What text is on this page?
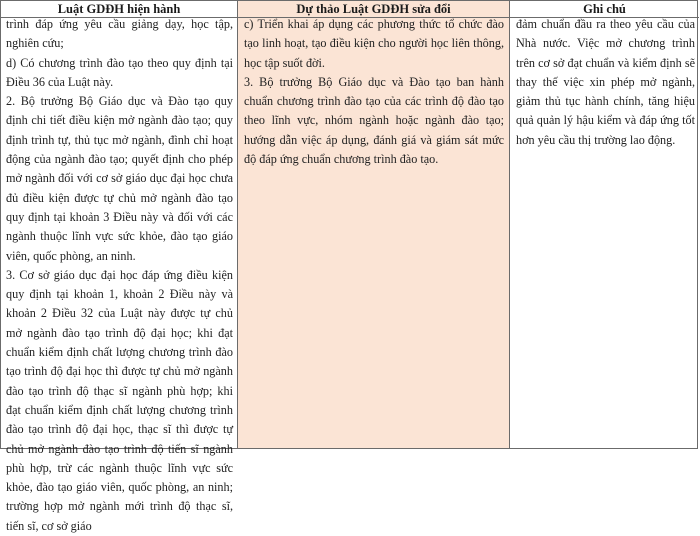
Luật GDĐH hiện hành

trình đáp ứng yêu cầu giảng dạy, học tập, nghiên cứu;

d) Có chương trình đào tạo theo quy định tại Điều 36 của Luật này.

2. Bộ trưởng Bộ Giáo dục và Đào tạo quy định chi tiết điều kiện mở ngành đào tạo; quy định trình tự, thủ tục mở ngành, đình chỉ hoạt động của ngành đào tạo; quyết định cho phép mở ngành đối với cơ sở giáo dục đại học chưa đủ điều kiện được tự chủ mở ngành đào tạo quy định tại khoản 3 Điều này và đối với các ngành thuộc lĩnh vực sức khỏe, đào tạo giáo viên, quốc phòng, an ninh.

3. Cơ sở giáo dục đại học đáp ứng điều kiện quy định tại khoản 1, khoản 2 Điều này và khoản 2 Điều 32 của Luật này được tự chủ mở ngành đào tạo trình độ đại học; khi đạt chuẩn kiểm định chất lượng chương trình đào tạo trình độ đại học thì được tự chủ mở ngành đào tạo trình độ thạc sĩ ngành phù hợp; khi đạt chuẩn kiểm định chất lượng chương trình đào tạo trình độ đại học, thạc sĩ thì được tự chủ mở ngành đào tạo trình độ tiến sĩ ngành phù hợp, trừ các ngành thuộc lĩnh vực sức khỏe, đào tạo giáo viên, quốc phòng, an ninh; trường hợp mở ngành mới trình độ thạc sĩ, tiến sĩ, cơ sở giáo

Dự thảo Luật GDĐH sửa đổi

c) Triển khai áp dụng các phương thức tổ chức đào tạo linh hoạt, tạo điều kiện cho người học liên thông, học tập suốt đời.

3. Bộ trưởng Bộ Giáo dục và Đào tạo ban hành chuẩn chương trình đào tạo của các trình độ đào tạo theo lĩnh vực, nhóm ngành hoặc ngành đào tạo; hướng dẫn việc áp dụng, đánh giá và giám sát mức độ đáp ứng chuẩn chương trình đào tạo.

Ghi chú

đảm chuẩn đầu ra theo yêu cầu của Nhà nước. Việc mở chương trình trên cơ sở đạt chuẩn và kiểm định sẽ thay thế việc xin phép mở ngành, giảm thủ tục hành chính, tăng hiệu quả quản lý hậu kiểm và đáp ứng tốt hơn yêu cầu thị trường lao động.
